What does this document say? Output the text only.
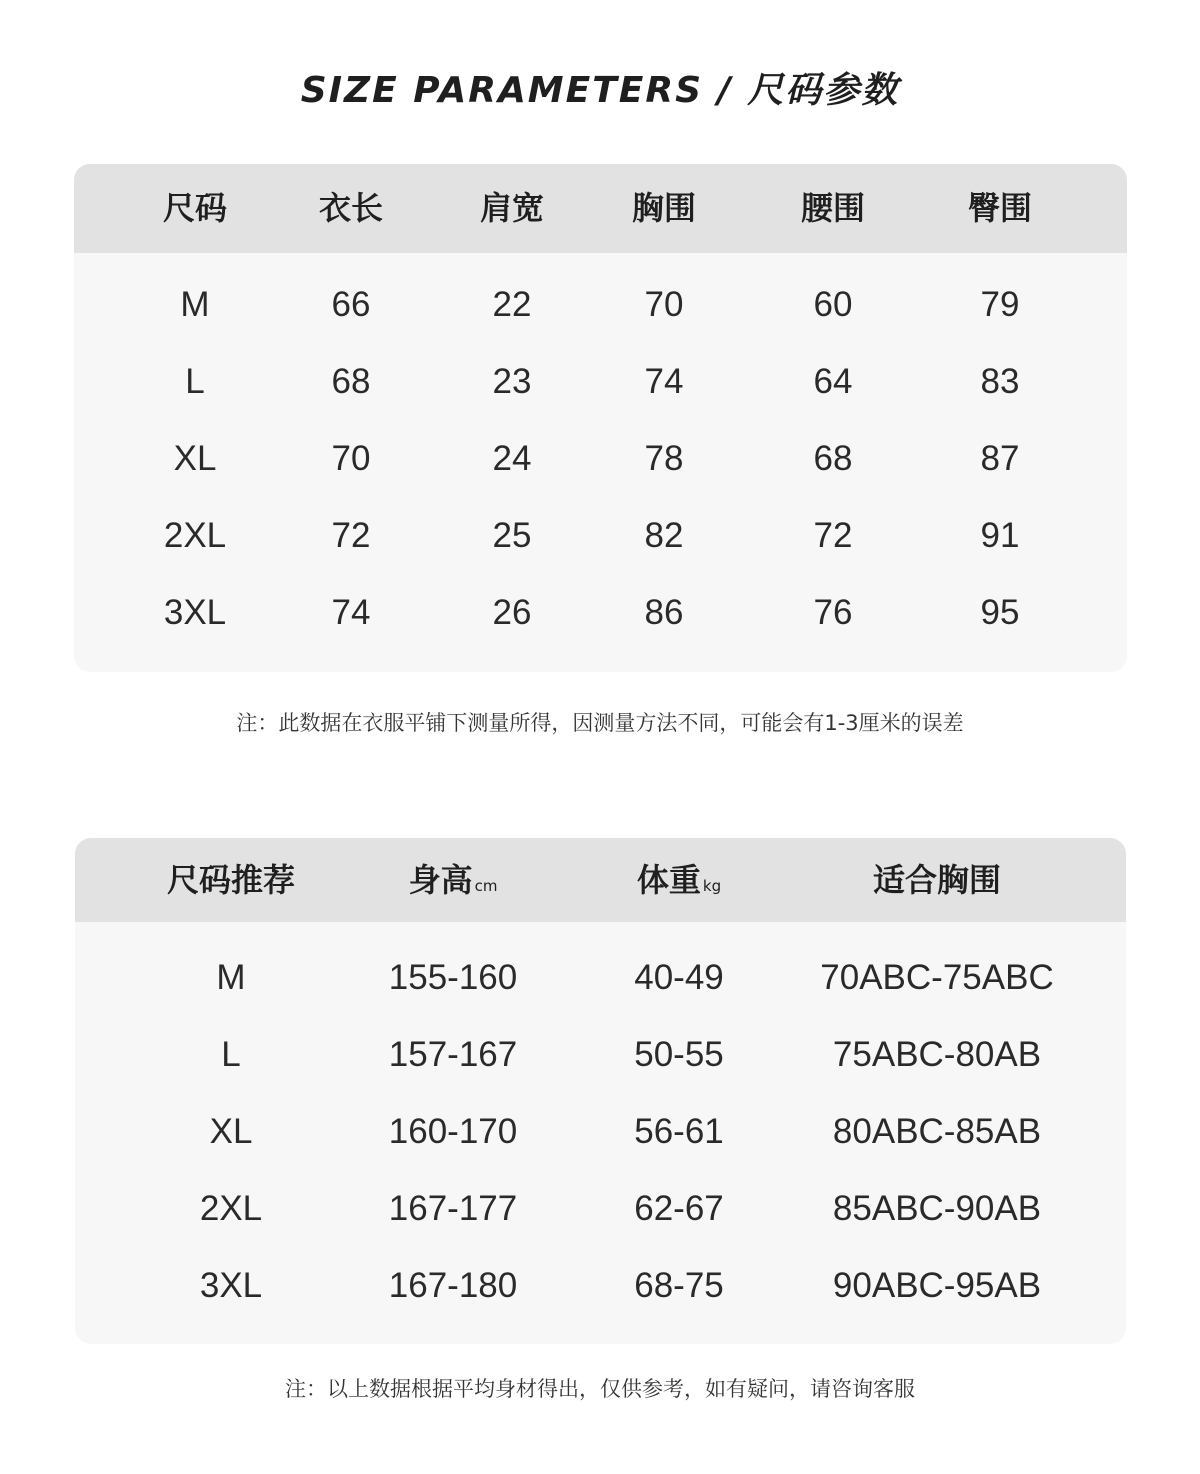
SIZE PARAMETERS / 尺码参数
尺码	衣长	肩宽	胸围	腰围	臀围
M	66	22	70	60	79
L	68	23	74	64	83
XL	70	24	78	68	87
2XL	72	25	82	72	91
3XL	74	26	86	76	95
注：此数据在衣服平铺下测量所得，因测量方法不同，可能会有1-3厘米的误差
尺码推荐	身高 cm	体重 kg	适合胸围
M	155-160	40-49	70ABC-75ABC
L	157-167	50-55	75ABC-80AB
XL	160-170	56-61	80ABC-85AB
2XL	167-177	62-67	85ABC-90AB
3XL	167-180	68-75	90ABC-95AB
注：以上数据根据平均身材得出，仅供参考，如有疑问，请咨询客服
